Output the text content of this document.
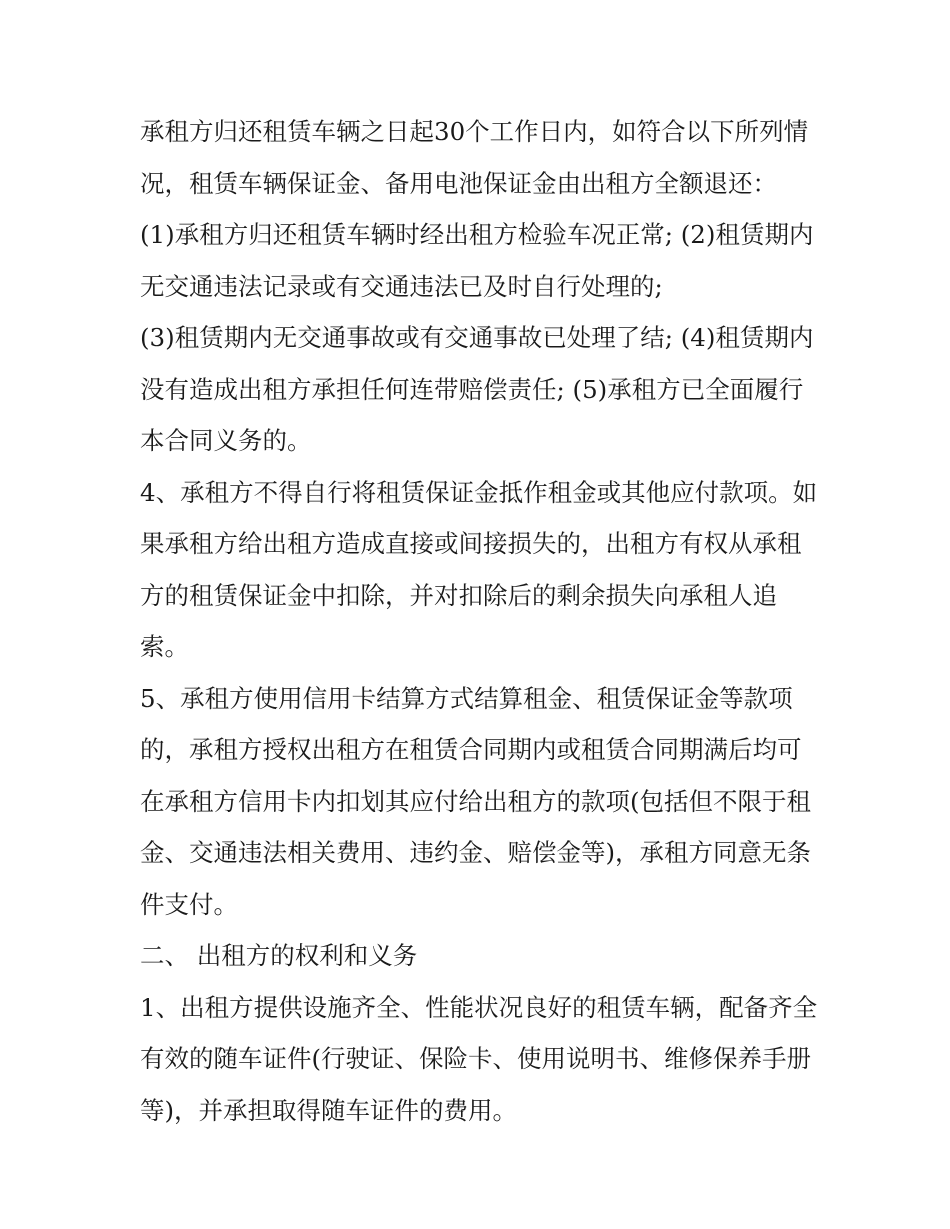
承租方归还租赁车辆之日起30个工作日内，如符合以下所列情况，租赁车辆保证金、备用电池保证金由出租方全额退还：

(1)承租方归还租赁车辆时经出租方检验车况正常; (2)租赁期内无交通违法记录或有交通违法已及时自行处理的;

(3)租赁期内无交通事故或有交通事故已处理了结; (4)租赁期内没有造成出租方承担任何连带赔偿责任; (5)承租方已全面履行本合同义务的。

4、承租方不得自行将租赁保证金抵作租金或其他应付款项。如果承租方给出租方造成直接或间接损失的，出租方有权从承租方的租赁保证金中扣除，并对扣除后的剩余损失向承租人追索。

5、承租方使用信用卡结算方式结算租金、租赁保证金等款项的，承租方授权出租方在租赁合同期内或租赁合同期满后均可在承租方信用卡内扣划其应付给出租方的款项(包括但不限于租金、交通违法相关费用、违约金、赔偿金等)，承租方同意无条件支付。

二、 出租方的权利和义务

1、出租方提供设施齐全、性能状况良好的租赁车辆，配备齐全有效的随车证件(行驶证、保险卡、使用说明书、维修保养手册等)，并承担取得随车证件的费用。
